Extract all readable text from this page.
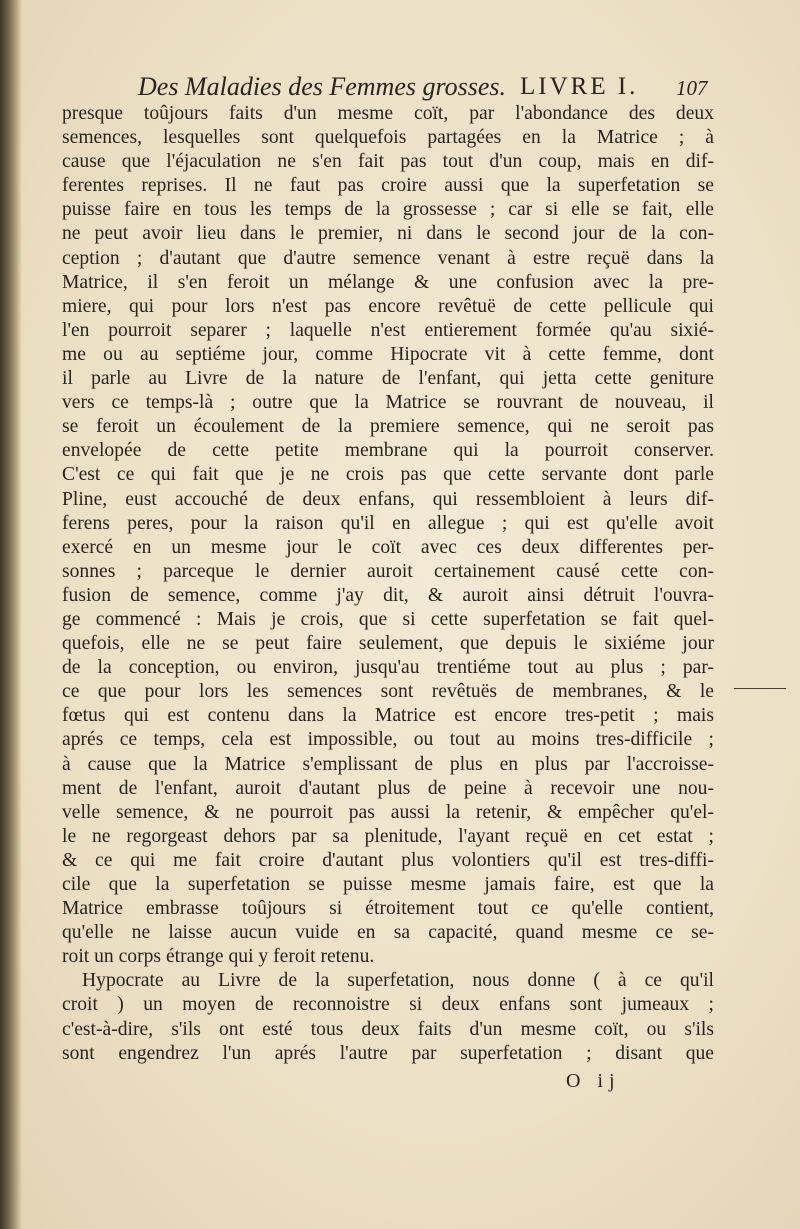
Des Maladies des Femmes grosses. LIVRE I. 107
presque toûjours faits d'un mesme coït, par l'abondance des deux
semences, lesquelles sont quelquefois partagées en la Matrice ; à
cause que l'éjaculation ne s'en fait pas tout d'un coup, mais en dif-
ferentes reprises. Il ne faut pas croire aussi que la superfetation se
puisse faire en tous les temps de la grossesse ; car si elle se fait, elle
ne peut avoir lieu dans le premier, ni dans le second jour de la con-
ception ; d'autant que d'autre semence venant à estre reçuë dans la
Matrice, il s'en feroit un mélange & une confusion avec la pre-
miere, qui pour lors n'est pas encore revêtuë de cette pellicule qui
l'en pourroit separer ; laquelle n'est entierement formée qu'au sixié-
me ou au septiéme jour, comme Hipocrate vit à cette femme, dont
il parle au Livre de la nature de l'enfant, qui jetta cette geniture
vers ce temps-là ; outre que la Matrice se rouvrant de nouveau, il
se feroit un écoulement de la premiere semence, qui ne seroit pas
envelopée de cette petite membrane qui la pourroit conserver.
C'est ce qui fait que je ne crois pas que cette servante dont parle
Pline, eust accouché de deux enfans, qui ressembloient à leurs dif-
ferens peres, pour la raison qu'il en allegue ; qui est qu'elle avoit
exercé en un mesme jour le coït avec ces deux differentes per-
sonnes ; parceque le dernier auroit certainement causé cette con-
fusion de semence, comme j'ay dit, & auroit ainsi détruit l'ouvra-
ge commencé : Mais je crois, que si cette superfetation se fait quel-
quefois, elle ne se peut faire seulement, que depuis le sixiéme jour
de la conception, ou environ, jusqu'au trentiéme tout au plus ; par-
ce que pour lors les semences sont revêtuës de membranes, & le
fœtus qui est contenu dans la Matrice est encore tres-petit ; mais
aprés ce temps, cela est impossible, ou tout au moins tres-difficile ;
à cause que la Matrice s'emplissant de plus en plus par l'accroisse-
ment de l'enfant, auroit d'autant plus de peine à recevoir une nou-
velle semence, & ne pourroit pas aussi la retenir, & empêcher qu'el-
le ne regorgeast dehors par sa plenitude, l'ayant reçuë en cet estat ;
& ce qui me fait croire d'autant plus volontiers qu'il est tres-diffi-
cile que la superfetation se puisse mesme jamais faire, est que la
Matrice embrasse toûjours si étroitement tout ce qu'elle contient,
qu'elle ne laisse aucun vuide en sa capacité, quand mesme ce se-
roit un corps étrange qui y feroit retenu.
Hypocrate au Livre de la superfetation, nous donne ( à ce qu'il
croit ) un moyen de reconnoistre si deux enfans sont jumeaux ;
c'est-à-dire, s'ils ont esté tous deux faits d'un mesme coït, ou s'ils
sont engendrez l'un aprés l'autre par superfetation ; disant que
O ij
